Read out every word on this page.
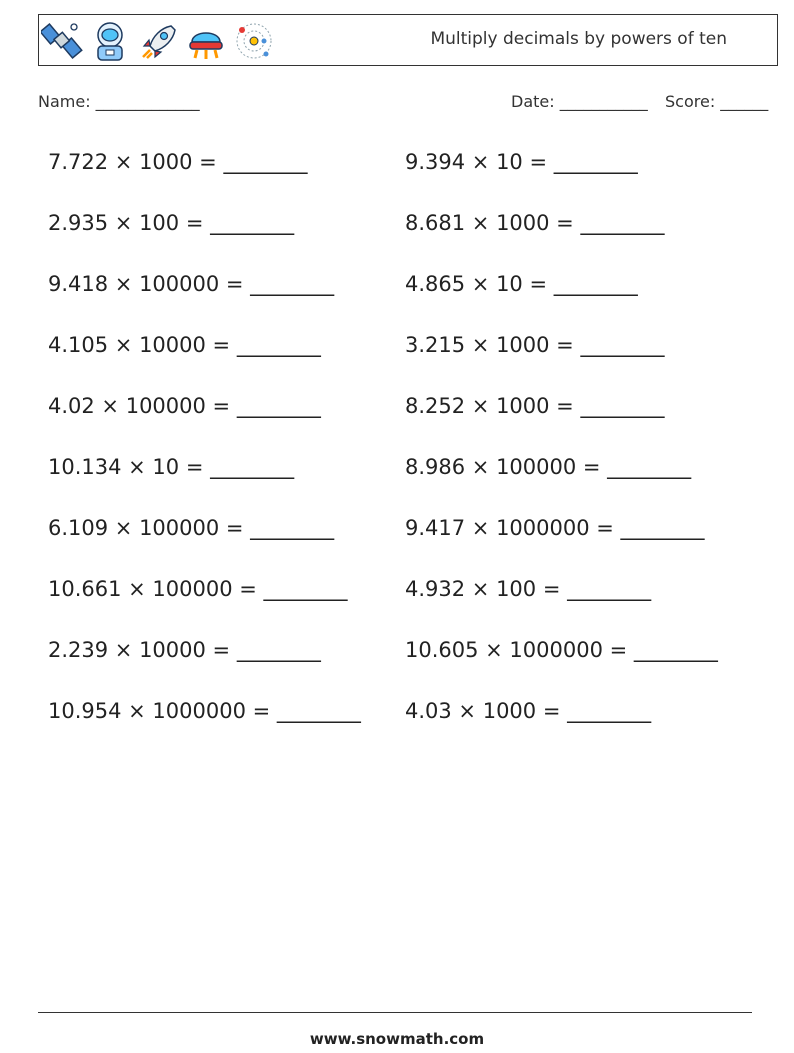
Multiply decimals by powers of ten
Name: _____________	Date: ___________ Score: ______
7.722 × 1000 = ________	9.394 × 10 = ________
2.935 × 100 = ________	8.681 × 1000 = ________
9.418 × 100000 = ________	4.865 × 10 = ________
4.105 × 10000 = ________	3.215 × 1000 = ________
4.02 × 100000 = ________	8.252 × 1000 = ________
10.134 × 10 = ________	8.986 × 100000 = ________
6.109 × 100000 = ________	9.417 × 1000000 = ________
10.661 × 100000 = ________	4.932 × 100 = ________
2.239 × 10000 = ________	10.605 × 1000000 = ________
10.954 × 1000000 = ________	4.03 × 1000 = ________
www.snowmath.com
